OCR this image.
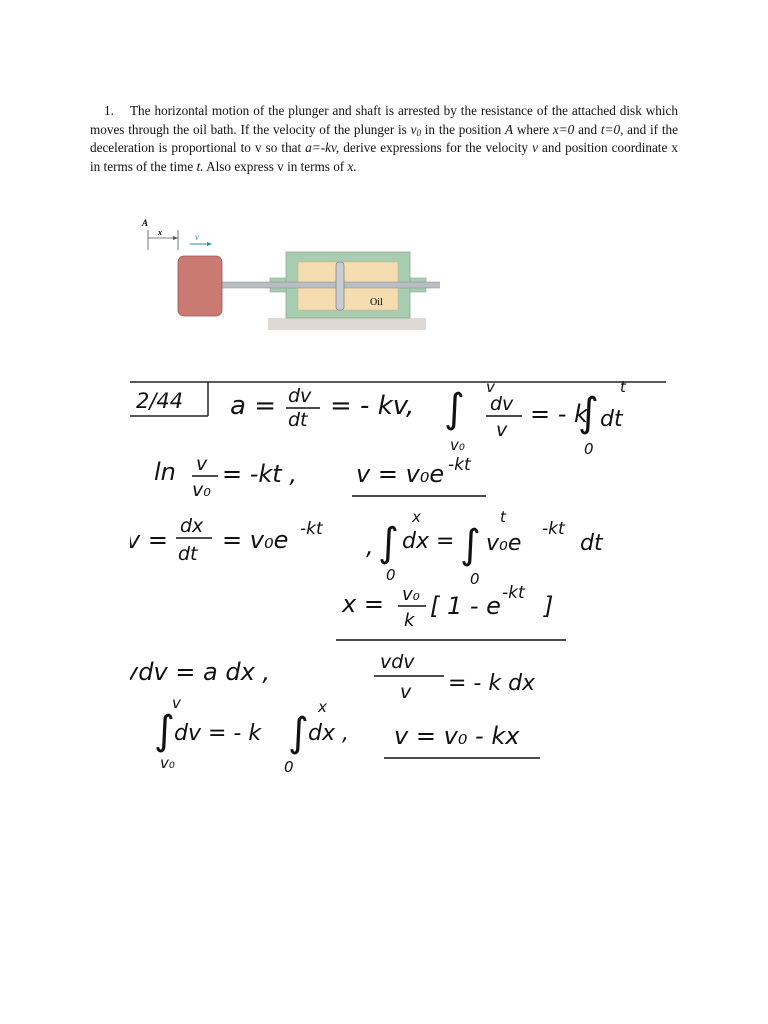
1. The horizontal motion of the plunger and shaft is arrested by the resistance of the attached disk which moves through the oil bath. If the velocity of the plunger is $v_0$ in the position A where x=0 and t=0, and if the deceleration is proportional to v so that a=-kv, derive expressions for the velocity v and position coordinate x in terms of the time t. Also express v in terms of x.
A
x	v
Oil
2/44 a = dv
dt = - kv, ∫ v
v₀
dv
v
= - k
∫
t
0
dt
ln v
v₀
= -kt , v = v₀e -kt
v = dx
dt = v₀e -kt
, ∫
x
0
dx = ∫
t
0
v₀e
-kt
dt
x = v₀
k
[ 1 - e -kt ]
vdv = a dx ,	vdv
v = - k dx
∫
v
v₀
dv = - k ∫
x
0
dx , v = v₀ - kx
